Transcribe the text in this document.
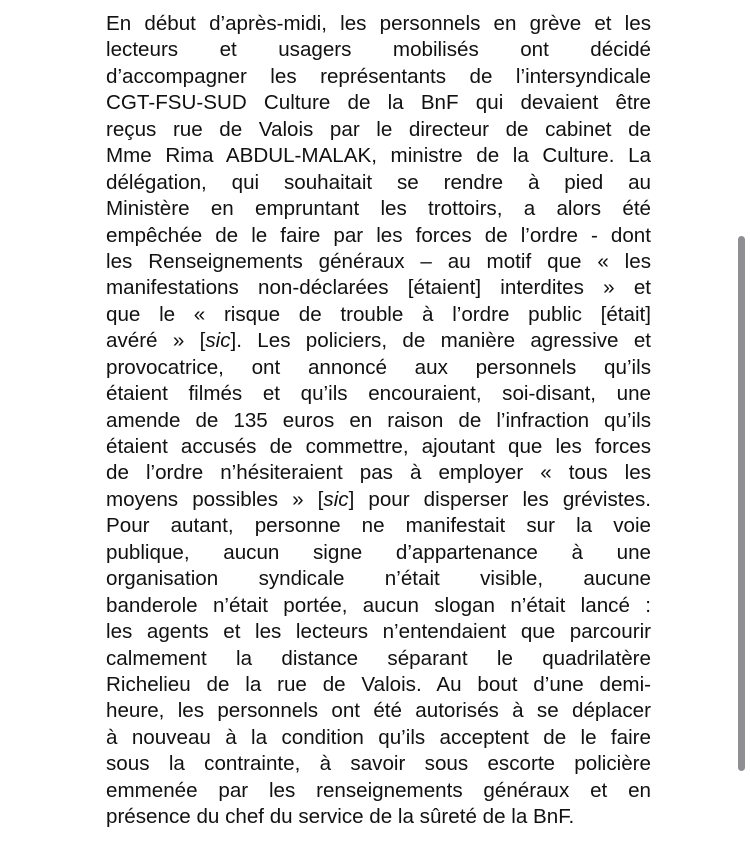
En début d’après-midi, les personnels en grève et les
lecteurs et usagers mobilisés ont décidé
d’accompagner les représentants de l’intersyndicale
CGT-FSU-SUD Culture de la BnF qui devaient être
reçus rue de Valois par le directeur de cabinet de
Mme Rima ABDUL-MALAK, ministre de la Culture. La
délégation, qui souhaitait se rendre à pied au
Ministère en empruntant les trottoirs, a alors été
empêchée de le faire par les forces de l’ordre - dont
les Renseignements généraux – au motif que « les
manifestations non-déclarées [étaient] interdites » et
que le « risque de trouble à l’ordre public [était]
avéré » [sic]. Les policiers, de manière agressive et
provocatrice, ont annoncé aux personnels qu’ils
étaient filmés et qu’ils encouraient, soi-disant, une
amende de 135 euros en raison de l’infraction qu’ils
étaient accusés de commettre, ajoutant que les forces
de l’ordre n’hésiteraient pas à employer « tous les
moyens possibles » [sic] pour disperser les grévistes.
Pour autant, personne ne manifestait sur la voie
publique, aucun signe d’appartenance à une
organisation syndicale n’était visible, aucune
banderole n’était portée, aucun slogan n’était lancé :
les agents et les lecteurs n’entendaient que parcourir
calmement la distance séparant le quadrilatère
Richelieu de la rue de Valois. Au bout d’une demi-
heure, les personnels ont été autorisés à se déplacer
à nouveau à la condition qu’ils acceptent de le faire
sous la contrainte, à savoir sous escorte policière
emmenée par les renseignements généraux et en
présence du chef du service de la sûreté de la BnF.
